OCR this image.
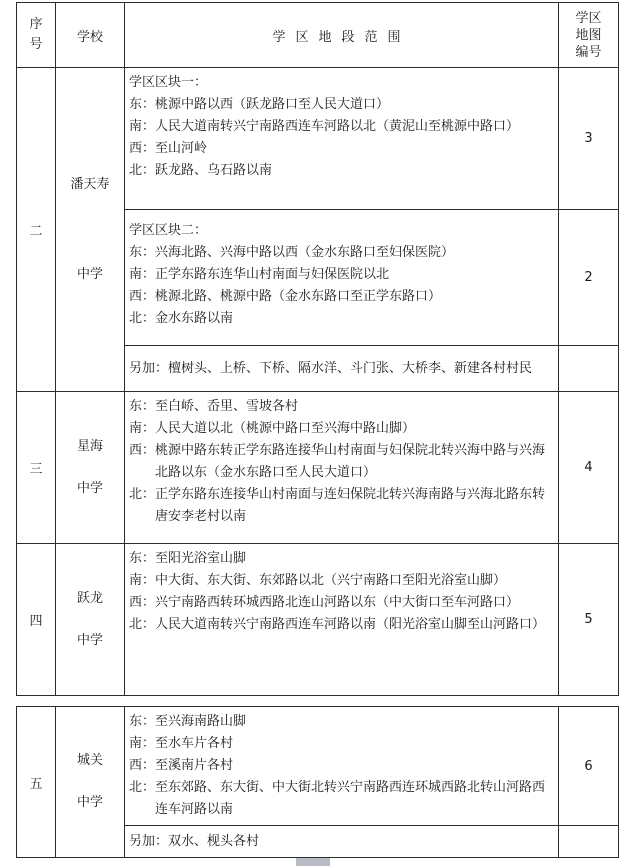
序
号	学校	学区地段范围	学区
地图
编号
二	潘天寿
中学	学区区块一：
东：桃源中路以西（跃龙路口至人民大道口）
南：人民大道南转兴宁南路西连车河路以北（黄泥山至桃源中路口）
西：至山河岭
北：跃龙路、乌石路以南	3

		学区区块二：
东：兴海北路、兴海中路以西（金水东路口至妇保医院）
南：正学东路东连华山村南面与妇保医院以北
西：桃源北路、桃源中路（金水东路口至正学东路口）
北：金水东路以南	2

		另加：檀树头、上桥、下桥、隔水洋、斗门张、大桥李、新建各村村民	

三	星海
中学	东：至白峤、岙里、雪坡各村
南：人民大道以北（桃源中路口至兴海中路山脚）
西：桃源中路东转正学东路连接华山村南面与妇保院北转兴海中路与兴海北路以东（金水东路口至人民大道口）
北：正学东路东连接华山村南面与连妇保院北转兴海南路与兴海北路东转唐安李老村以南	4
四	跃龙
中学	东：至阳光浴室山脚
南：中大街、东大街、东郊路以北（兴宁南路口至阳光浴室山脚）
西：兴宁南路西转环城西路北连山河路以东（中大街口至车河路口）
北：人民大道南转兴宁南路西连车河路以南（阳光浴室山脚至山河路口）	5
五	城关
中学	东：至兴海南路山脚
南：至水车片各村
西：至溪南片各村
北：至东郊路、东大街、中大街北转兴宁南路西连环城西路北转山河路西连车河路以南	6

		另加：双水、枧头各村	
